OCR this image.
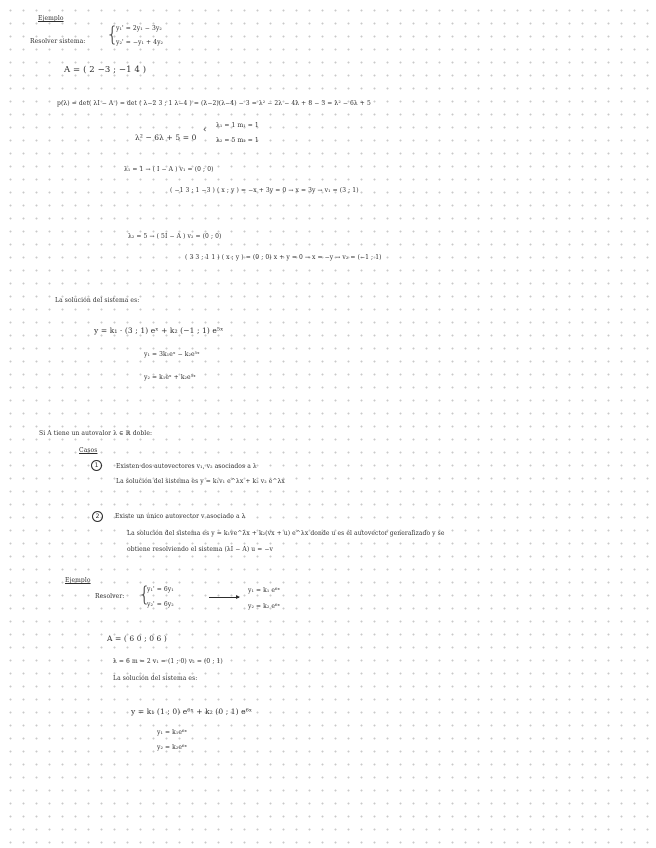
Ejemplo
Resolver sistema: {
y₁' = 2y₁ − 3y₂
y₂' = −y₁ + 4y₂
A = ( 2 −3 ; −1 4 )
p(λ) = det( λI − A ) = det ( λ−2 3 ; 1 λ−4 ) = (λ−2)(λ−4) − 3 = λ² − 2λ − 4λ + 8 − 3 = λ² − 6λ + 5
λ² − 6λ + 5 = 0
‹ λ₁ = 1 m₁ = 1
λ₂ = 5 m₂ = 1
λ₁ = 1 → ( I − A ) v₁ = (0 ; 0)
( −1 3 ; 1 −3 ) ( x ; y ) = −x + 3y = 0 → x = 3y → v₁ = (3 ; 1)
λ₂ = 5 → ( 5I − A ) v₂ = (0 ; 0)
( 3 3 ; 1 1 ) ( x ; y ) = (0 ; 0) x + y = 0 → x = −y → v₂ = (−1 ; 1)
La solución del sistema es:
y = k₁ · (3 ; 1) eˣ + k₂ (−1 ; 1) e⁵ˣ
y₁ = 3k₁eˣ − k₂e⁵ˣ
y₂ = k₁eˣ + k₂e⁵ˣ
Si A tiene un autovalor λ ∈ ℝ doble:
Casos
1	Existen dos autovectores v₁, v₂ asociados a λ
La solución del sistema es y = k₁v₁ e^λx + k₂ v₂ e^λx
2	Existe un único autovector v asociado a λ
La solución del sistema es y = k₁ve^λx + k₂(vx + u) e^λx donde u es el autovector generalizado y se
obtiene resolviendo el sistema (λI − A) u = −v
Ejemplo
Resolver: {
y₁' = 6y₁
y₂' = 6y₂
y₁ = k₁ e⁶ˣ
y₂ = k₂ e⁶ˣ
A = ( 6 0 ; 0 6 )
λ = 6 m = 2 v₁ = (1 ; 0) v₂ = (0 ; 1)
La solución del sistema es:
y = k₁ (1 ; 0) e⁶ˣ + k₂ (0 ; 1) e⁶ˣ
y₁ = k₁e⁶ˣ
y₂ = k₂e⁶ˣ
